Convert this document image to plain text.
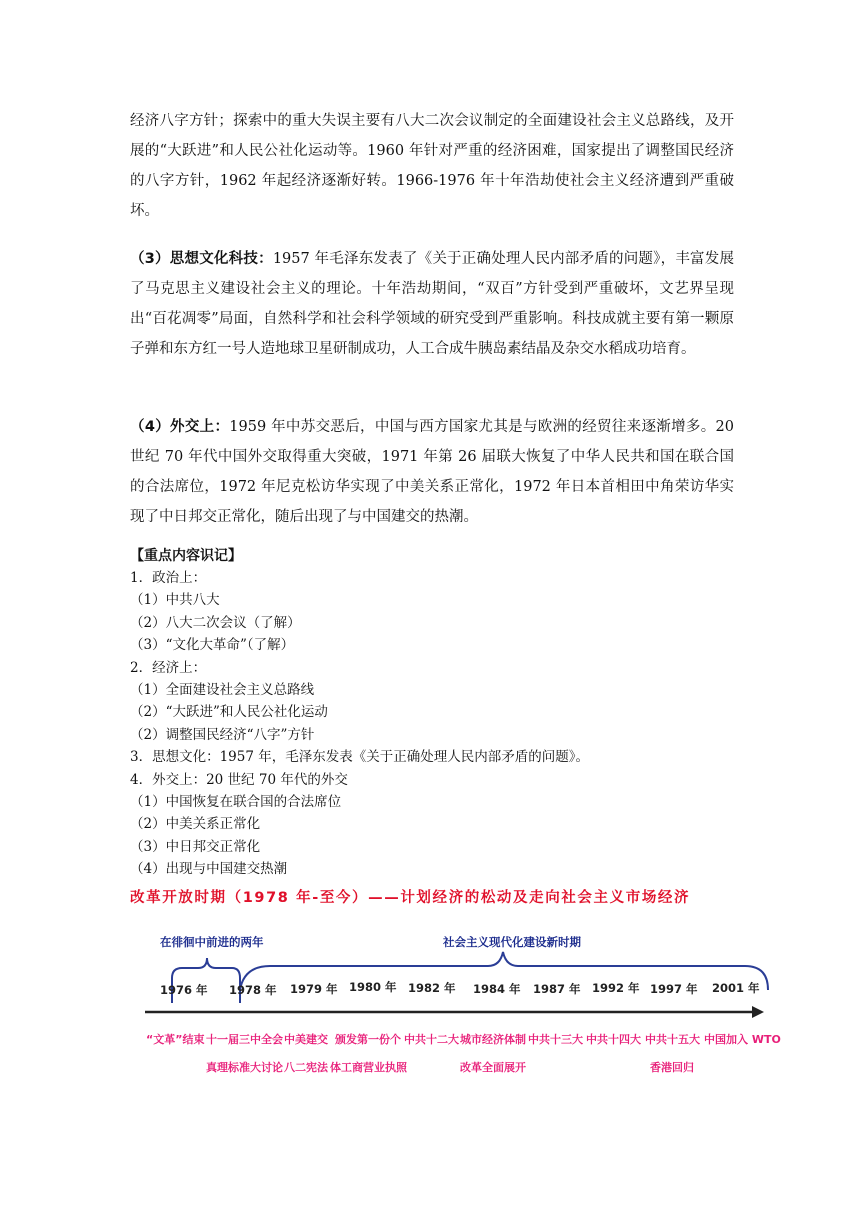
经济八字方针；探索中的重大失误主要有八大二次会议制定的全面建设社会主义总路线，及开展的“大跃进”和人民公社化运动等。1960 年针对严重的经济困难，国家提出了调整国民经济的八字方针，1962 年起经济逐渐好转。1966-1976 年十年浩劫使社会主义经济遭到严重破坏。
（3）思想文化科技：1957 年毛泽东发表了《关于正确处理人民内部矛盾的问题》，丰富发展了马克思主义建设社会主义的理论。十年浩劫期间，“双百”方针受到严重破坏，文艺界呈现出“百花凋零”局面，自然科学和社会科学领域的研究受到严重影响。科技成就主要有第一颗原子弹和东方红一号人造地球卫星研制成功，人工合成牛胰岛素结晶及杂交水稻成功培育。
（4）外交上：1959 年中苏交恶后，中国与西方国家尤其是与欧洲的经贸往来逐渐增多。20 世纪 70 年代中国外交取得重大突破，1971 年第 26 届联大恢复了中华人民共和国在联合国的合法席位，1972 年尼克松访华实现了中美关系正常化，1972 年日本首相田中角荣访华实现了中日邦交正常化，随后出现了与中国建交的热潮。
【重点内容识记】
1．政治上：
（1）中共八大
（2）八大二次会议（了解）
（3）“文化大革命”（了解）
2．经济上：
（1）全面建设社会主义总路线
（2）“大跃进”和人民公社化运动
（2）调整国民经济“八字”方针
3．思想文化：1957 年，毛泽东发表《关于正确处理人民内部矛盾的问题》。
4．外交上：20 世纪 70 年代的外交
（1）中国恢复在联合国的合法席位
（2）中美关系正常化
（3）中日邦交正常化
（4）出现与中国建交热潮
改革开放时期（1978 年-至今）——计划经济的松动及走向社会主义市场经济
在徘徊中前进的两年	社会主义现代化建设新时期
1976 年 1978 年 1979 年 1980 年 1982 年 1984 年 1987 年 1992 年 1997 年 2001 年
“文革”结束 十一届三中全会 中美建交 颁发第一份个 中共十二大 城市经济体制 中共十三大 中共十四大 中共十五大 中国加入 WTO
真理标准大讨论 八二宪法 体工商营业执照	改革全面展开	香港回归
